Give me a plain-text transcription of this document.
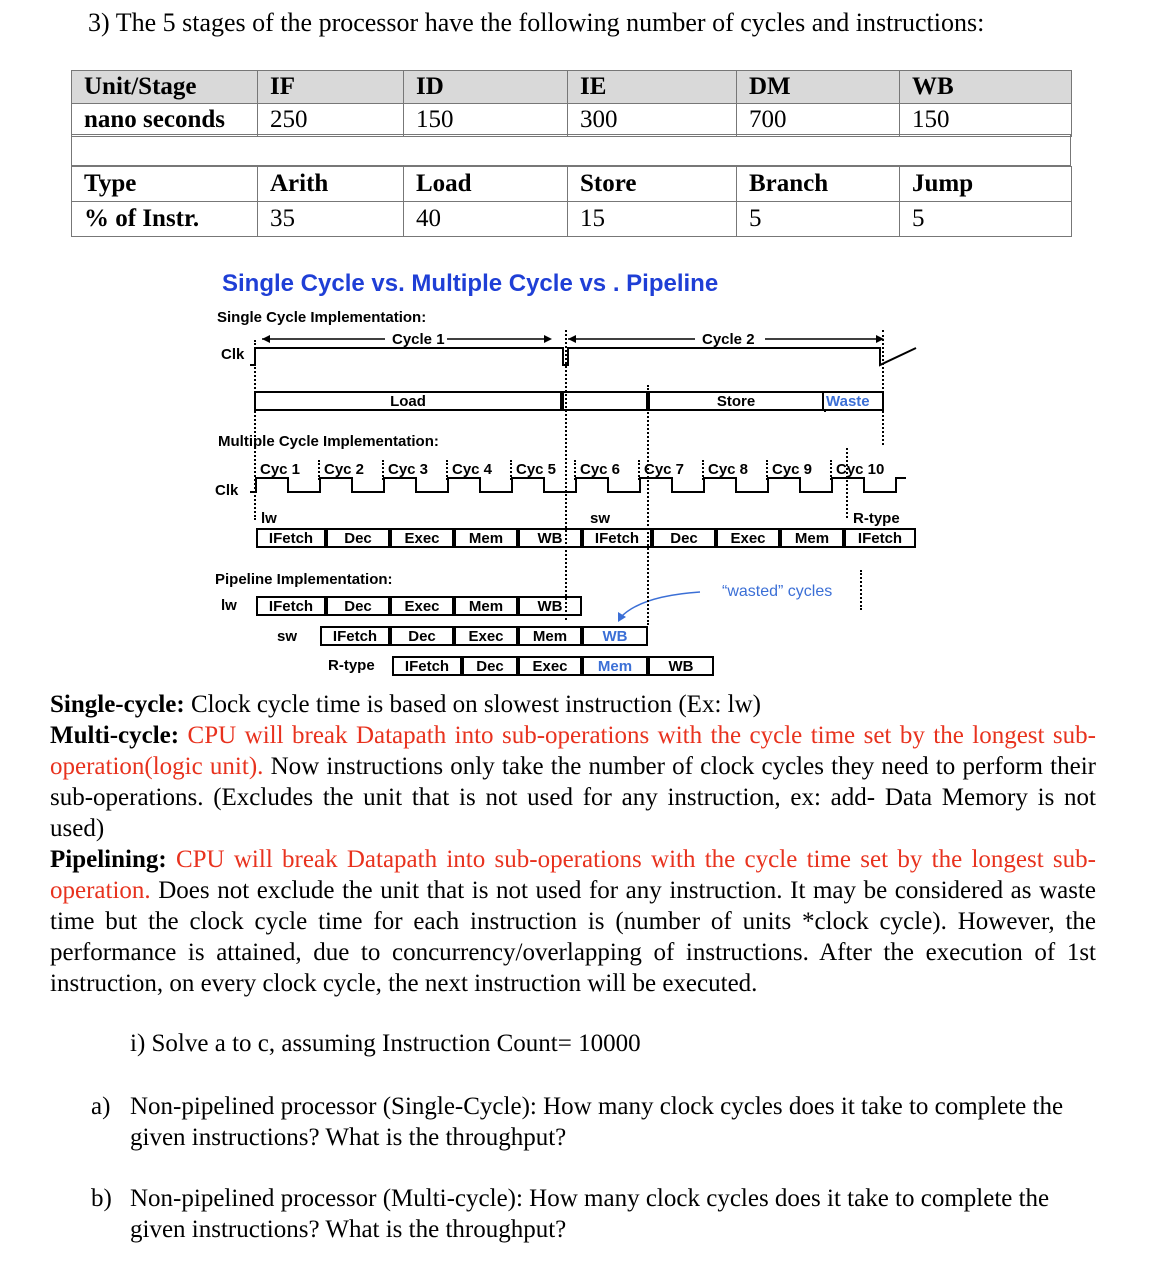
3) The 5 stages of the processor have the following number of cycles and instructions:
Unit/Stage	IF	ID	IE	DM	WB
nano seconds	250	150	300	700	150
Type	Arith	Load	Store	Branch	Jump
% of Instr.	35	40	15	5	5
Single Cycle vs. Multiple Cycle vs . Pipeline
Single Cycle Implementation:
Clk
Cycle 1	Cycle 2
Load	Store	Waste
Multiple Cycle Implementation:
Clk
Cyc 1 Cyc 2 Cyc 3 Cyc 4 Cyc 5 Cyc 6 Cyc 7 Cyc 8 Cyc 9 Cyc 10
lw	sw	R-type
IFetch	Dec	Exec	Mem	WB	IFetch	Dec	Exec	Mem	IFetch
Pipeline Implementation:
“wasted” cycles
lw	IFetch	Dec	Exec	Mem	WB
sw	IFetch	Dec	Exec	Mem	WB
R-type	IFetch	Dec	Exec	Mem	WB
Single-cycle: Clock cycle time is based on slowest instruction (Ex: lw)
Multi-cycle: CPU will break Datapath into sub-operations with the cycle time set by the longest sub-operation(logic unit). Now instructions only take the number of clock cycles they need to perform their sub-operations. (Excludes the unit that is not used for any instruction, ex: add- Data Memory is not used)
Pipelining: CPU will break Datapath into sub-operations with the cycle time set by the longest sub-operation. Does not exclude the unit that is not used for any instruction. It may be considered as waste time but the clock cycle time for each instruction is (number of units *clock cycle). However, the performance is attained, due to concurrency/overlapping of instructions. After the execution of 1st instruction, on every clock cycle, the next instruction will be executed.
i) Solve a to c, assuming Instruction Count= 10000
a) Non-pipelined processor (Single-Cycle): How many clock cycles does it take to complete the given instructions? What is the throughput?
b) Non-pipelined processor (Multi-cycle): How many clock cycles does it take to complete the given instructions? What is the throughput?
